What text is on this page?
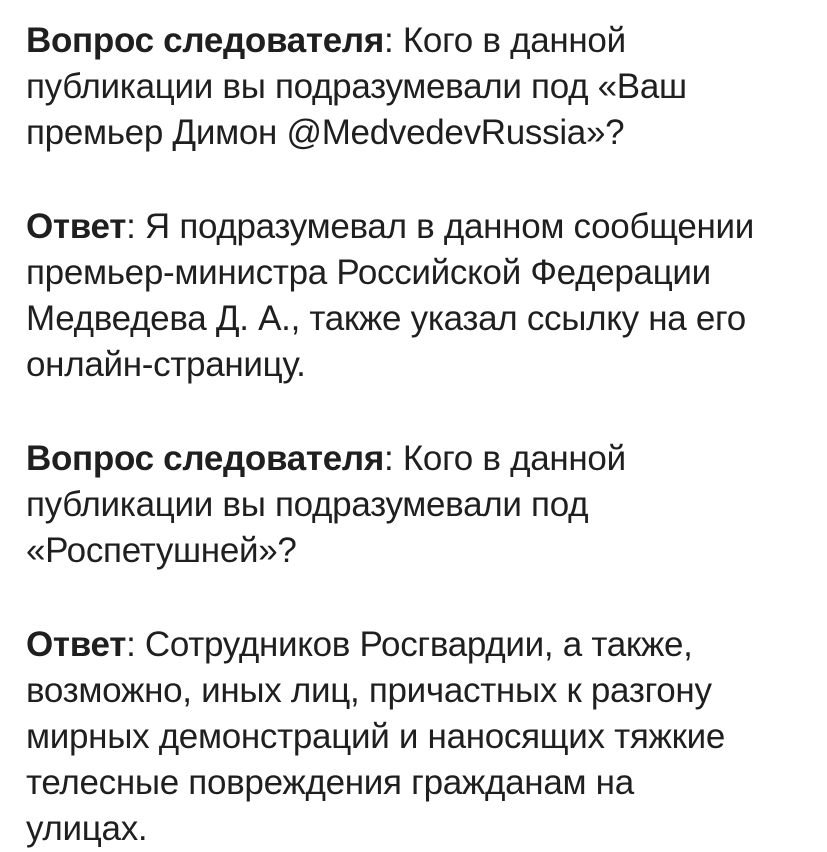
Вопрос следователя: Кого в данной
публикации вы подразумевали под «Ваш
премьер Димон @MedvedevRussia»?

Ответ: Я подразумевал в данном сообщении
премьер-министра Российской Федерации
Медведева Д. А., также указал ссылку на его
онлайн-страницу.

Вопрос следователя: Кого в данной
публикации вы подразумевали под
«Роспетушней»?

Ответ: Сотрудников Росгвардии, а также,
возможно, иных лиц, причастных к разгону
мирных демонстраций и наносящих тяжкие
телесные повреждения гражданам на
улицах.
